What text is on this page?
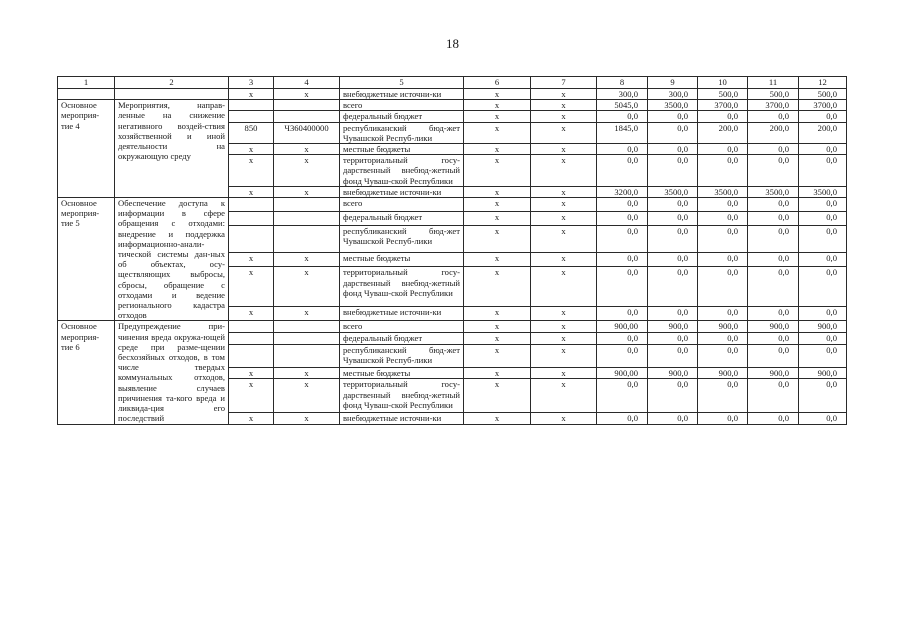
18
1	2	3	4	5	6	7	8	9	10	11	12
		х	х	внебюджетные источни-ки	х	х	300,0	300,0	500,0	500,0	500,0
Основное мероприя-тие 4	Мероприятия, направ-ленные на снижение негативного воздей-ствия хозяйственной и иной деятельности на окружающую среду			всего	х	х	5045,0	3500,0	3700,0	3700,0	3700,0
				федеральный бюджет	х	х	0,0	0,0	0,0	0,0	0,0
		850	Ч360400000	республиканский бюд-жет Чувашской Респуб-лики	х	х	1845,0	0,0	200,0	200,0	200,0
		х	х	местные бюджеты	х	х	0,0	0,0	0,0	0,0	0,0
		х	х	территориальный госу-дарственный внебюд-жетный фонд Чуваш-ской Республики	х	х	0,0	0,0	0,0	0,0	0,0
		х	х	внебюджетные источни-ки	х	х	3200,0	3500,0	3500,0	3500,0	3500,0
Основное мероприя-тие 5	Обеспечение доступа к информации в сфере обращения с отходами: внедрение и поддержка информационно-анали-тической системы дан-ных об объектах, осу-ществляющих выбросы, сбросы, обращение с отходами и ведение регионального кадастра отходов			всего	х	х	0,0	0,0	0,0	0,0	0,0
				федеральный бюджет	х	х	0,0	0,0	0,0	0,0	0,0
				республиканский бюд-жет Чувашской Респуб-лики	х	х	0,0	0,0	0,0	0,0	0,0
		х	х	местные бюджеты	х	х	0,0	0,0	0,0	0,0	0,0
		х	х	территориальный госу-дарственный внебюд-жетный фонд Чуваш-ской Республики	х	х	0,0	0,0	0,0	0,0	0,0
		х	х	внебюджетные источни-ки	х	х	0,0	0,0	0,0	0,0	0,0
Основное мероприя-тие 6	Предупреждение при-чинения вреда окружа-ющей среде при разме-щении бесхозяйных отходов, в том числе твердых коммунальных отходов, выявление случаев причинения та-кого вреда и ликвида-ция его последствий			всего	х	х	900,00	900,0	900,0	900,0	900,0
				федеральный бюджет	х	х	0,0	0,0	0,0	0,0	0,0
				республиканский бюд-жет Чувашской Респуб-лики	х	х	0,0	0,0	0,0	0,0	0,0
		х	х	местные бюджеты	х	х	900,00	900,0	900,0	900,0	900,0
		х	х	территориальный госу-дарственный внебюд-жетный фонд Чуваш-ской Республики	х	х	0,0	0,0	0,0	0,0	0,0
		х	х	внебюджетные источни-ки	х	х	0,0	0,0	0,0	0,0	0,0
